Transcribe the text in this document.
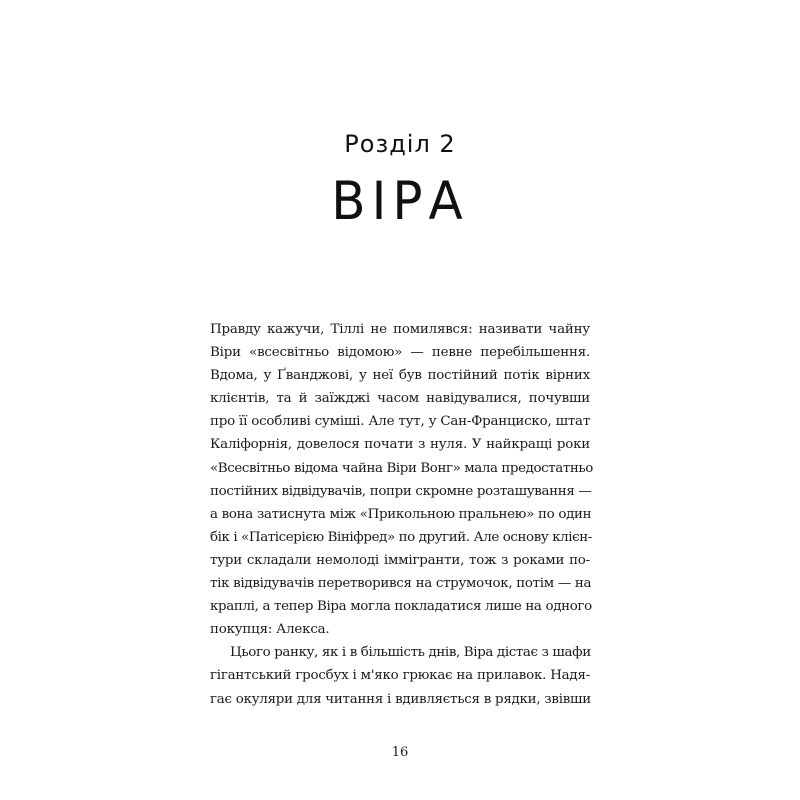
Розділ 2
ВІРА

Правду кажучи, Тіллі не помилявся: називати чайну
Віри «всесвітньо відомою» — певне перебільшення.
Вдома, у Ґванджові, у неї був постійний потік вірних
клієнтів, та й заїжджі часом навідувалися, почувши
про її особливі суміші. Але тут, у Сан-Франциско, штат
Каліфорнія, довелося почати з нуля. У найкращі роки
«Всесвітньо відома чайна Віри Вонг» мала предостатньо
постійних відвідувачів, попри скромне розташування —
а вона затиснута між «Прикольною пральнею» по один
бік і «Патісерією Вініфред» по другий. Але основу клієн-
тури складали немолоді іммігранти, тож з роками по-
тік відвідувачів перетворився на струмочок, потім — на
краплі, а тепер Віра могла покладатися лише на одного
покупця: Алекса.

Цього ранку, як і в більшість днів, Віра дістає з шафи
гігантський гросбух і м'яко грюкає на прилавок. Надя-
гає окуляри для читання і вдивляється в рядки, звівши

16
